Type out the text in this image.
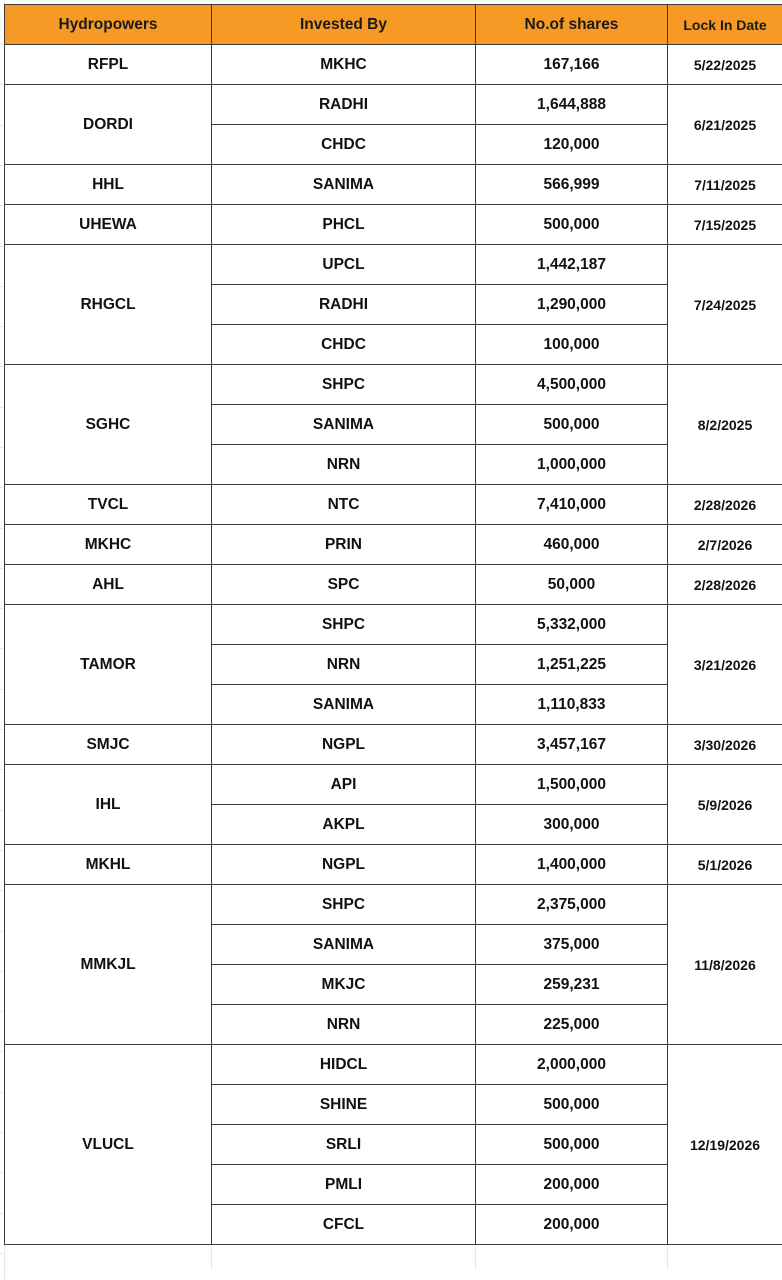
Hydropowers	Invested By	No.of shares	Lock In Date
RFPL	MKHC	167,166	5/22/2025
DORDI	RADHI	1,644,888	6/21/2025
	CHDC	120,000	
HHL	SANIMA	566,999	7/11/2025
UHEWA	PHCL	500,000	7/15/2025
RHGCL	UPCL	1,442,187	7/24/2025
	RADHI	1,290,000	
	CHDC	100,000	
SGHC	SHPC	4,500,000	8/2/2025
	SANIMA	500,000	
	NRN	1,000,000	
TVCL	NTC	7,410,000	2/28/2026
MKHC	PRIN	460,000	2/7/2026
AHL	SPC	50,000	2/28/2026
TAMOR	SHPC	5,332,000	3/21/2026
	NRN	1,251,225	
	SANIMA	1,110,833	
SMJC	NGPL	3,457,167	3/30/2026
IHL	API	1,500,000	5/9/2026
	AKPL	300,000	
MKHL	NGPL	1,400,000	5/1/2026
MMKJL	SHPC	2,375,000	11/8/2026
	SANIMA	375,000	
	MKJC	259,231	
	NRN	225,000	
VLUCL	HIDCL	2,000,000	12/19/2026
	SHINE	500,000	
	SRLI	500,000	
	PMLI	200,000	
	CFCL	200,000	
